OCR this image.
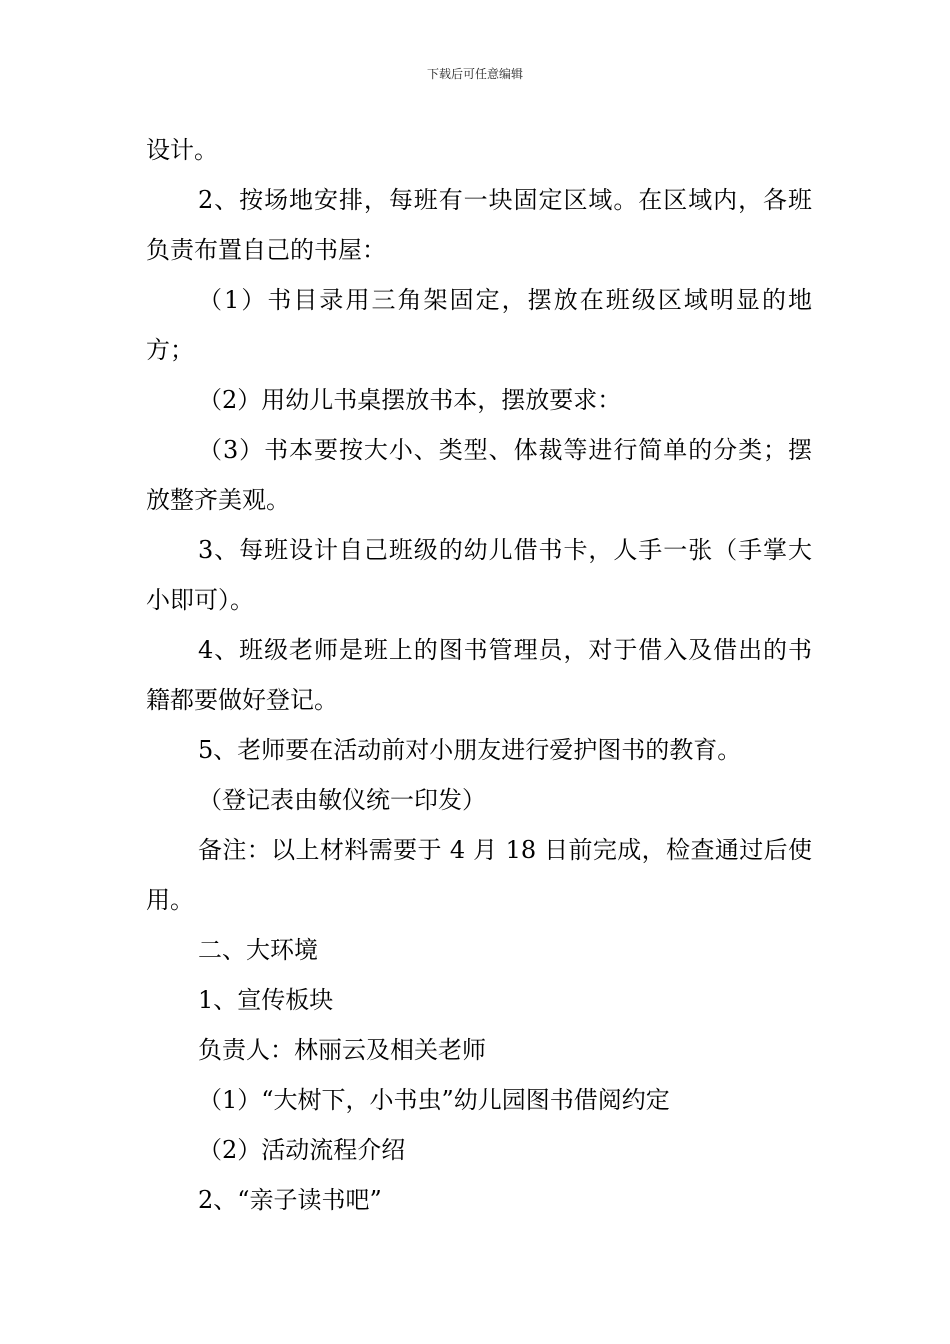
下载后可任意编辑

设计。

2、按场地安排，每班有一块固定区域。在区域内，各班负责布置自己的书屋：

（1）书目录用三角架固定，摆放在班级区域明显的地方；

（2）用幼儿书桌摆放书本，摆放要求：

（3）书本要按大小、类型、体裁等进行简单的分类；摆放整齐美观。

3、每班设计自己班级的幼儿借书卡，人手一张（手掌大小即可）。

4、班级老师是班上的图书管理员，对于借入及借出的书籍都要做好登记。

5、老师要在活动前对小朋友进行爱护图书的教育。

（登记表由敏仪统一印发）

备注：以上材料需要于 4 月 18 日前完成，检查通过后使用。

二、大环境

1、宣传板块

负责人：林丽云及相关老师

（1）“大树下，小书虫”幼儿园图书借阅约定

（2）活动流程介绍

2、“亲子读书吧”
